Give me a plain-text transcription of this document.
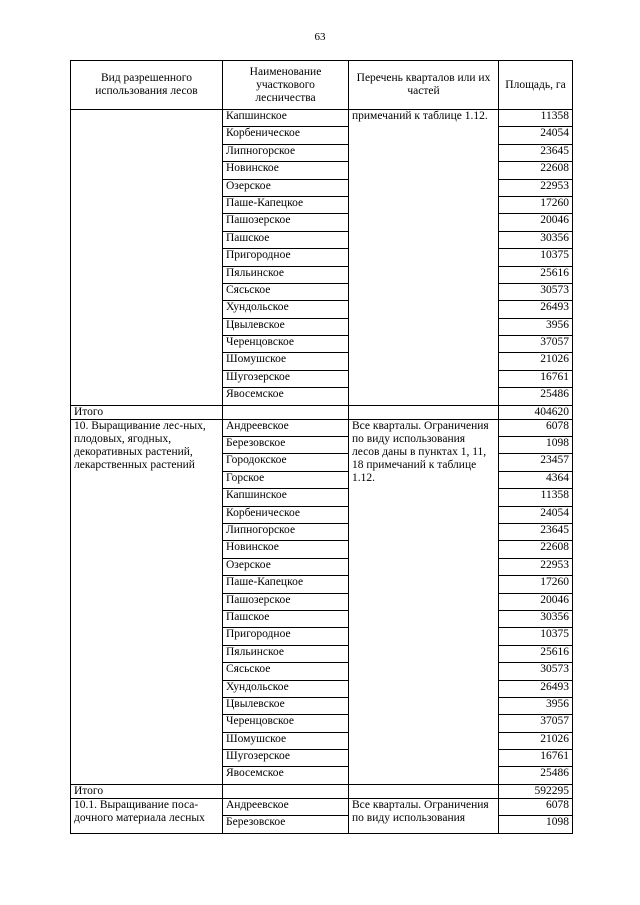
63
Вид разрешенного использования лесов	Наименование участкового лесничества	Перечень кварталов или их частей	Площадь, га
	Капшинское	примечаний к таблице 1.12.	11358
	Корбеническое		24054
	Липногорское		23645
	Новинское		22608
	Озерское		22953
	Паше-Капецкое		17260
	Пашозерское		20046
	Пашское		30356
	Пригородное		10375
	Пяльинское		25616
	Сясьское		30573
	Хундольское		26493
	Цвылевское		3956
	Черенцовское		37057
	Шомушское		21026
	Шугозерское		16761
	Явосемское		25486
Итого			404620
10. Выращивание лес-ных, плодовых, ягодных, декоративных растений, лекарственных растений	Андреевское	Все кварталы. Ограничения по виду использования лесов даны в пунктах 1, 11, 18 примечаний к таблице 1.12.	6078
	Березовское		1098
	Городокское		23457
	Горское		4364
	Капшинское		11358
	Корбеническое		24054
	Липногорское		23645
	Новинское		22608
	Озерское		22953
	Паше-Капецкое		17260
	Пашозерское		20046
	Пашское		30356
	Пригородное		10375
	Пяльинское		25616
	Сясьское		30573
	Хундольское		26493
	Цвылевское		3956
	Черенцовское		37057
	Шомушское		21026
	Шугозерское		16761
	Явосемское		25486
Итого			592295
10.1. Выращивание поса-дочного материала лесных	Андреевское	Все кварталы. Ограничения по виду использования	6078
	Березовское		1098
